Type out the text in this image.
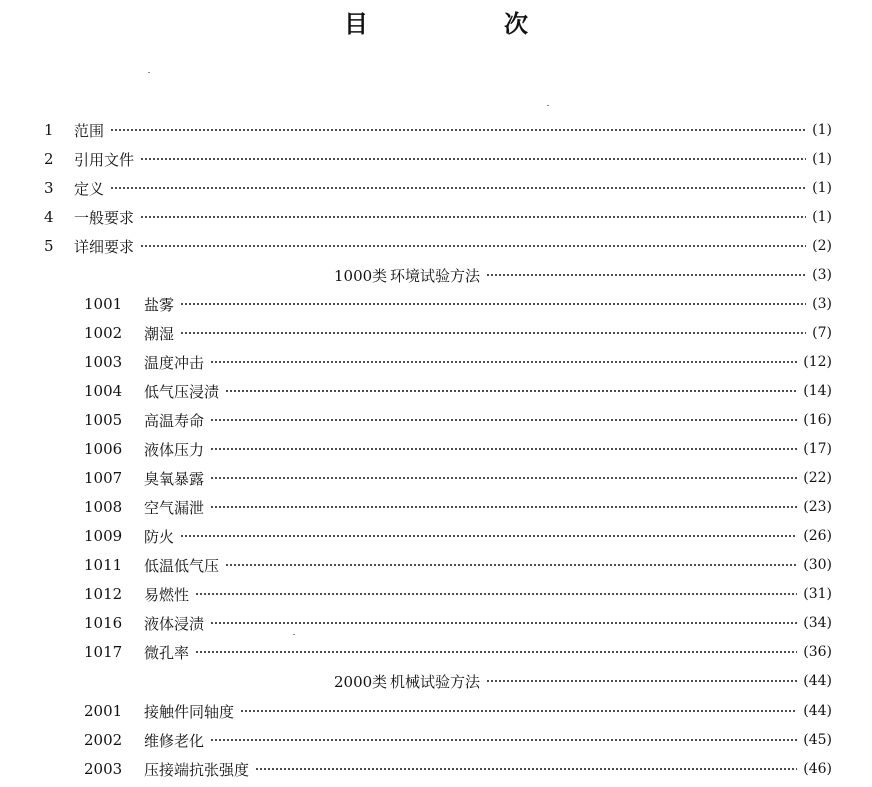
目　次
1	范围	(1)
2	引用文件	(1)
3	定义	(1)
4	一般要求	(1)
5	详细要求	(2)
1000类 环境试验方法	(3)
1001	盐雾	(3)
1002	潮湿	(7)
1003	温度冲击	(12)
1004	低气压浸渍	(14)
1005	高温寿命	(16)
1006	液体压力	(17)
1007	臭氧暴露	(22)
1008	空气漏泄	(23)
1009	防火	(26)
1011	低温低气压	(30)
1012	易燃性	(31)
1016	液体浸渍	(34)
1017	微孔率	(36)
2000类 机械试验方法	(44)
2001	接触件同轴度	(44)
2002	维修老化	(45)
2003	压接端抗张强度	(46)
